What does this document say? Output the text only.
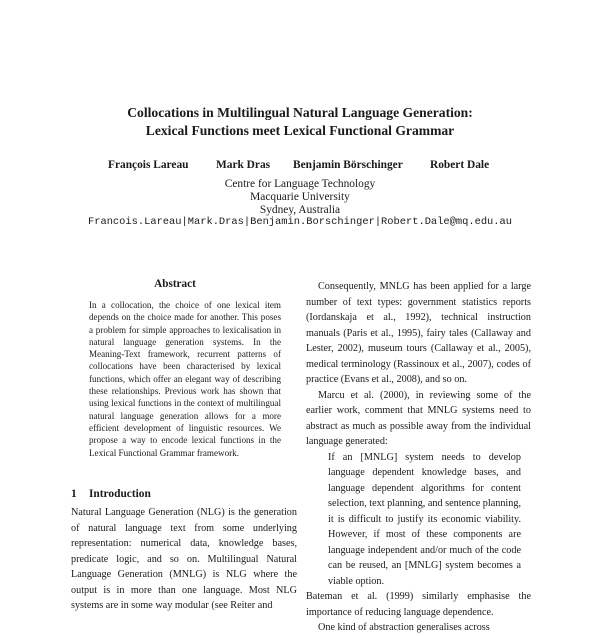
Collocations in Multilingual Natural Language Generation:
Lexical Functions meet Lexical Functional Grammar
François Lareau Mark Dras Benjamin Börschinger Robert Dale
Centre for Language Technology
Macquarie University
Sydney, Australia
Francois.Lareau|Mark.Dras|Benjamin.Borschinger|Robert.Dale@mq.edu.au
Abstract
In a collocation, the choice of one lexical item depends on the choice made for another. This poses a problem for simple approaches to lexicalisation in natural language generation systems. In the Meaning-Text framework, recurrent patterns of collocations have been characterised by lexical functions, which offer an elegant way of describing these relationships. Previous work has shown that using lexical functions in the context of multilingual natural language generation allows for a more efficient development of linguistic resources. We propose a way to encode lexical functions in the Lexical Functional Grammar framework.
1 Introduction
Natural Language Generation (NLG) is the generation of natural language text from some underlying representation: numerical data, knowledge bases, predicate logic, and so on. Multilingual Natural Language Generation (MNLG) is NLG where the output is in more than one language. Most NLG systems are in some way modular (see Reiter and

Consequently, MNLG has been applied for a large number of text types: government statistics reports (Iordanskaja et al., 1992), technical instruction manuals (Paris et al., 1995), fairy tales (Callaway and Lester, 2002), museum tours (Callaway et al., 2005), medical terminology (Rassinoux et al., 2007), codes of practice (Evans et al., 2008), and so on.

Marcu et al. (2000), in reviewing some of the earlier work, comment that MNLG systems need to abstract as much as possible away from the individual language generated:

If an [MNLG] system needs to develop language dependent knowledge bases, and language dependent algorithms for content selection, text planning, and sentence planning, it is difficult to justify its economic viability. However, if most of these components are language independent and/or much of the code can be reused, an [MNLG] system becomes a viable option.

Bateman et al. (1999) similarly emphasise the importance of reducing language dependence.

One kind of abstraction generalises across
